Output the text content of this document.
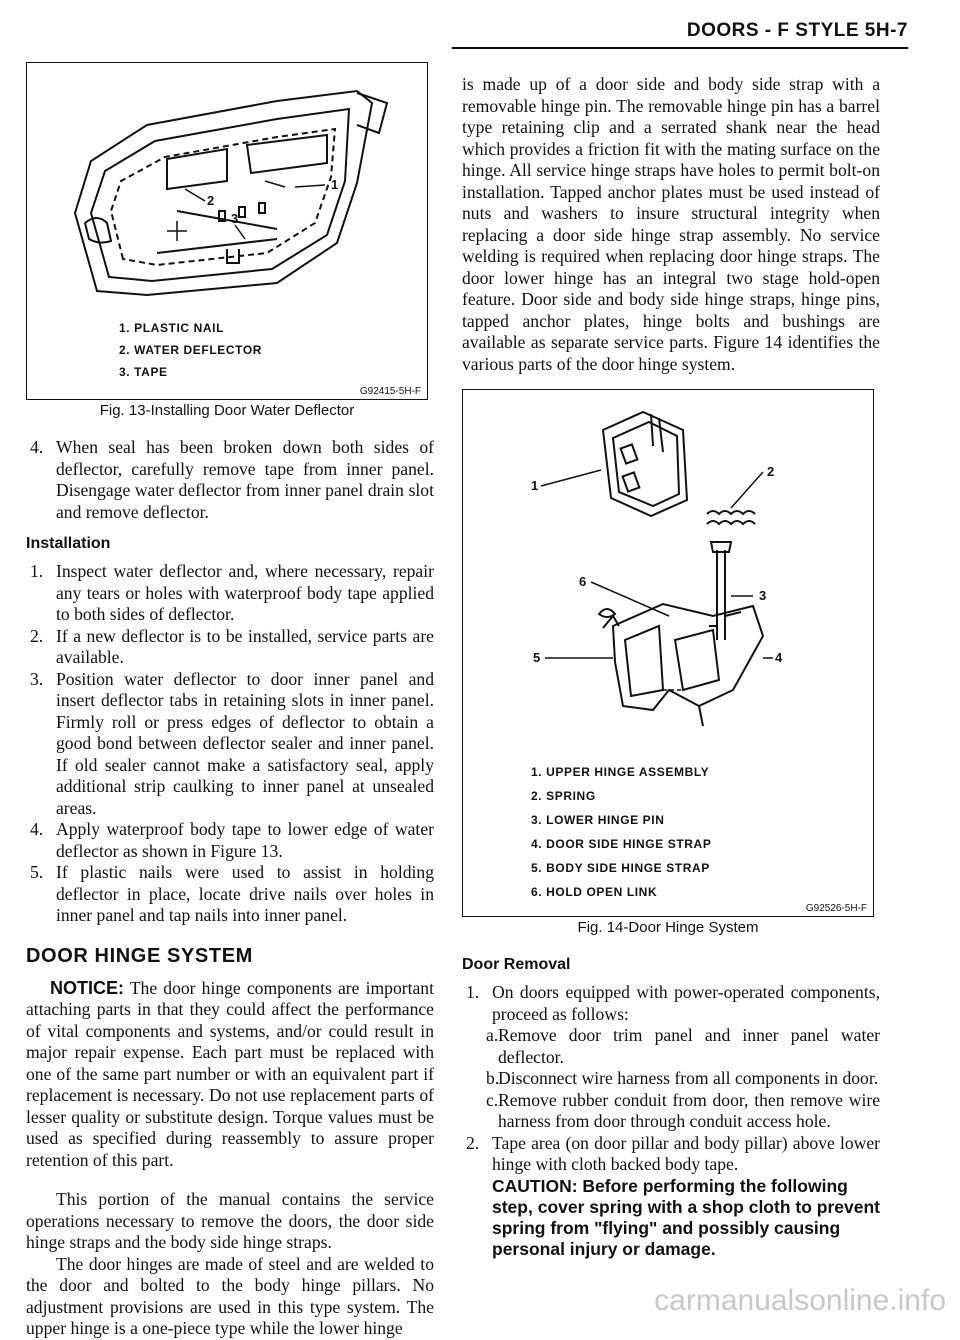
DOORS - F STYLE 5H-7
1
2
3
1. PLASTIC NAIL
2. WATER DEFLECTOR
3. TAPE
G92415-5H-F
Fig. 13-Installing Door Water Deflector
4. When seal has been broken down both sides of deflector, carefully remove tape from inner panel. Disengage water deflector from inner panel drain slot and remove deflector.
Installation
1. Inspect water deflector and, where necessary, repair any tears or holes with waterproof body tape applied to both sides of deflector.
2. If a new deflector is to be installed, service parts are available.
3. Position water deflector to door inner panel and insert deflector tabs in retaining slots in inner panel. Firmly roll or press edges of deflector to obtain a good bond between deflector sealer and inner panel. If old sealer cannot make a satisfactory seal, apply additional strip caulking to inner panel at unsealed areas.
4. Apply waterproof body tape to lower edge of water deflector as shown in Figure 13.
5. If plastic nails were used to assist in holding deflector in place, locate drive nails over holes in inner panel and tap nails into inner panel.
DOOR HINGE SYSTEM

NOTICE: The door hinge components are important attaching parts in that they could affect the performance of vital components and systems, and/or could result in major repair expense. Each part must be replaced with one of the same part number or with an equivalent part if replacement is necessary. Do not use replacement parts of lesser quality or substitute design. Torque values must be used as specified during reassembly to assure proper retention of this part.

This portion of the manual contains the service operations necessary to remove the doors, the door side hinge straps and the body side hinge straps.

The door hinges are made of steel and are welded to the door and bolted to the body hinge pillars. No adjustment provisions are used in this type system. The upper hinge is a one-piece type while the lower hinge

is made up of a door side and body side strap with a removable hinge pin. The removable hinge pin has a barrel type retaining clip and a serrated shank near the head which provides a friction fit with the mating surface on the hinge. All service hinge straps have holes to permit bolt-on installation. Tapped anchor plates must be used instead of nuts and washers to insure structural integrity when replacing a door side hinge strap assembly. No service welding is required when replacing door hinge straps. The door lower hinge has an integral two stage hold-open feature. Door side and body side hinge straps, hinge pins, tapped anchor plates, hinge bolts and bushings are available as separate service parts. Figure 14 identifies the various parts of the door hinge system.

1
2
3
6
5	4
1. UPPER HINGE ASSEMBLY
2. SPRING
3. LOWER HINGE PIN
4. DOOR SIDE HINGE STRAP
5. BODY SIDE HINGE STRAP
6. HOLD OPEN LINK
G92526-5H-F
Fig. 14-Door Hinge System
Door Removal
1. On doors equipped with power-operated components, proceed as follows:
a. Remove door trim panel and inner panel water deflector.
b.
Disconnect wire harness from all components in door.
c. Remove rubber conduit from door, then remove wire harness from door through conduit access hole.
2. Tape area (on door pillar and body pillar) above lower hinge with cloth backed body tape.
CAUTION: Before performing the following step, cover spring with a shop cloth to prevent spring from "flying" and possibly causing personal injury or damage.
carmanualsonline.info
